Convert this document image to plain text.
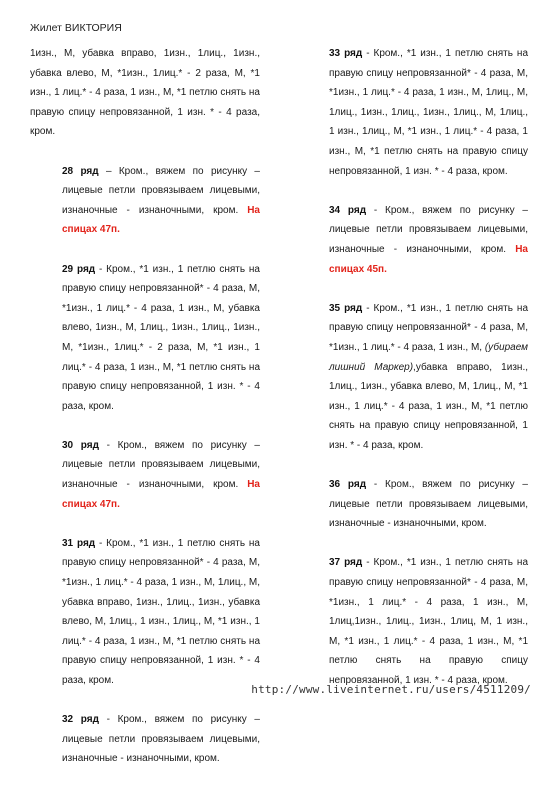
Жилет ВИКТОРИЯ

1изн., М, убавка вправо, 1изн., 1лиц., 1изн., убавка влево, М, *1изн., 1лиц.* - 2 раза, М, *1 изн., 1 лиц.* - 4 раза, 1 изн., М, *1 петлю снять на правую спицу непровязанной, 1 изн. * - 4 раза, кром.

28 ряд – Кром., вяжем по рисунку – лицевые петли провязываем лицевыми, изнаночные - изнаночными, кром. На спицах 47п.

29 ряд - Кром., *1 изн., 1 петлю снять на правую спицу непровязанной* - 4 раза, М, *1изн., 1 лиц.* - 4 раза, 1 изн., М, убавка влево, 1изн., М, 1лиц., 1изн., 1лиц., 1изн., М, *1изн., 1лиц.* - 2 раза, М, *1 изн., 1 лиц.* - 4 раза, 1 изн., М, *1 петлю снять на правую спицу непровязанной, 1 изн. * - 4 раза, кром.

30 ряд - Кром., вяжем по рисунку – лицевые петли провязываем лицевыми, изнаночные - изнаночными, кром. На спицах 47п.

31 ряд - Кром., *1 изн., 1 петлю снять на правую спицу непровязанной* - 4 раза, М, *1изн., 1 лиц.* - 4 раза, 1 изн., М, 1лиц., М, убавка вправо, 1изн., 1лиц., 1изн., убавка влево, М, 1лиц., 1 изн., 1лиц., М, *1 изн., 1 лиц.* - 4 раза, 1 изн., М, *1 петлю снять на правую спицу непровязанной, 1 изн. * - 4 раза, кром.

32 ряд - Кром., вяжем по рисунку – лицевые петли провязываем лицевыми, изнаночные - изнаночными, кром.

33 ряд - Кром., *1 изн., 1 петлю снять на правую спицу непровязанной* - 4 раза, М, *1изн., 1 лиц.* - 4 раза, 1 изн., М, 1лиц., М, 1лиц., 1изн., 1лиц., 1изн., 1лиц., М, 1лиц., 1 изн., 1лиц., М, *1 изн., 1 лиц.* - 4 раза, 1 изн., М, *1 петлю снять на правую спицу непровязанной, 1 изн. * - 4 раза, кром.

34 ряд - Кром., вяжем по рисунку – лицевые петли провязываем лицевыми, изнаночные - изнаночными, кром. На спицах 45п.

35 ряд - Кром., *1 изн., 1 петлю снять на правую спицу непровязанной* - 4 раза, М, *1изн., 1 лиц.* - 4 раза, 1 изн., М, (убираем лишний Маркер),убавка вправо, 1изн., 1лиц., 1изн., убавка влево, М, 1лиц., М, *1 изн., 1 лиц.* - 4 раза, 1 изн., М, *1 петлю снять на правую спицу непровязанной, 1 изн. * - 4 раза, кром.

36 ряд - Кром., вяжем по рисунку – лицевые петли провязываем лицевыми, изнаночные - изнаночными, кром.

37 ряд - Кром., *1 изн., 1 петлю снять на правую спицу непровязанной* - 4 раза, М, *1изн., 1 лиц.* - 4 раза, 1 изн., М, 1лиц,1изн., 1лиц., 1изн., 1лиц, М, 1 изн., М, *1 изн., 1 лиц.* - 4 раза, 1 изн., М, *1 петлю снять на правую спицу непровязанной, 1 изн. * - 4 раза, кром.

http://www.liveinternet.ru/users/4511209/
